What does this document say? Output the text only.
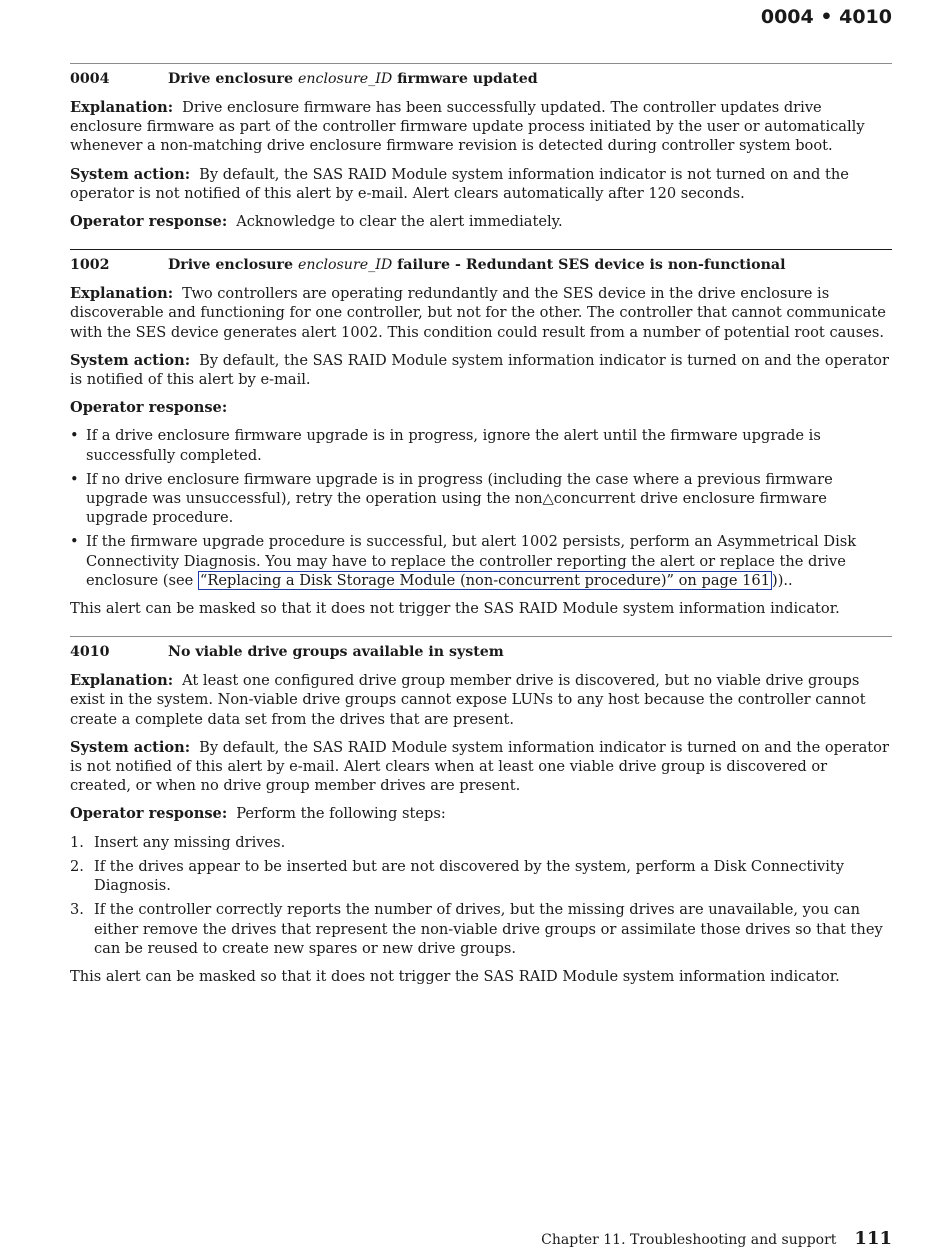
0004 • 4010
0004	Drive enclosure enclosure_ID firmware updated

Explanation: Drive enclosure firmware has been successfully updated. The controller updates drive enclosure firmware as part of the controller firmware update process initiated by the user or automatically whenever a non-matching drive enclosure firmware revision is detected during controller system boot.

System action: By default, the SAS RAID Module system information indicator is not turned on and the operator is not notified of this alert by e-mail. Alert clears automatically after 120 seconds.

Operator response: Acknowledge to clear the alert immediately.

1002	Drive enclosure enclosure_ID failure - Redundant SES device is non-functional

Explanation: Two controllers are operating redundantly and the SES device in the drive enclosure is discoverable and functioning for one controller, but not for the other. The controller that cannot communicate with the SES device generates alert 1002. This condition could result from a number of potential root causes.

System action: By default, the SAS RAID Module system information indicator is turned on and the operator is notified of this alert by e-mail.

Operator response:

• If a drive enclosure firmware upgrade is in progress, ignore the alert until the firmware upgrade is successfully completed.
• If no drive enclosure firmware upgrade is in progress (including the case where a previous firmware upgrade was unsuccessful), retry the operation using the non△concurrent drive enclosure firmware upgrade procedure.
• If the firmware upgrade procedure is successful, but alert 1002 persists, perform an Asymmetrical Disk Connectivity Diagnosis. You may have to replace the controller reporting the alert or replace the drive enclosure (see “Replacing a Disk Storage Module (non-concurrent procedure)” on page 161 ))..

This alert can be masked so that it does not trigger the SAS RAID Module system information indicator.

4010	No viable drive groups available in system

Explanation: At least one configured drive group member drive is discovered, but no viable drive groups exist in the system. Non-viable drive groups cannot expose LUNs to any host because the controller cannot create a complete data set from the drives that are present.

System action: By default, the SAS RAID Module system information indicator is turned on and the operator is not notified of this alert by e-mail. Alert clears when at least one viable drive group is discovered or created, or when no drive group member drives are present.

Operator response: Perform the following steps:

1. Insert any missing drives.
2. If the drives appear to be inserted but are not discovered by the system, perform a Disk Connectivity Diagnosis.
3. If the controller correctly reports the number of drives, but the missing drives are unavailable, you can either remove the drives that represent the non-viable drive groups or assimilate those drives so that they can be reused to create new spares or new drive groups.

This alert can be masked so that it does not trigger the SAS RAID Module system information indicator.

Chapter 11. Troubleshooting and support 111
